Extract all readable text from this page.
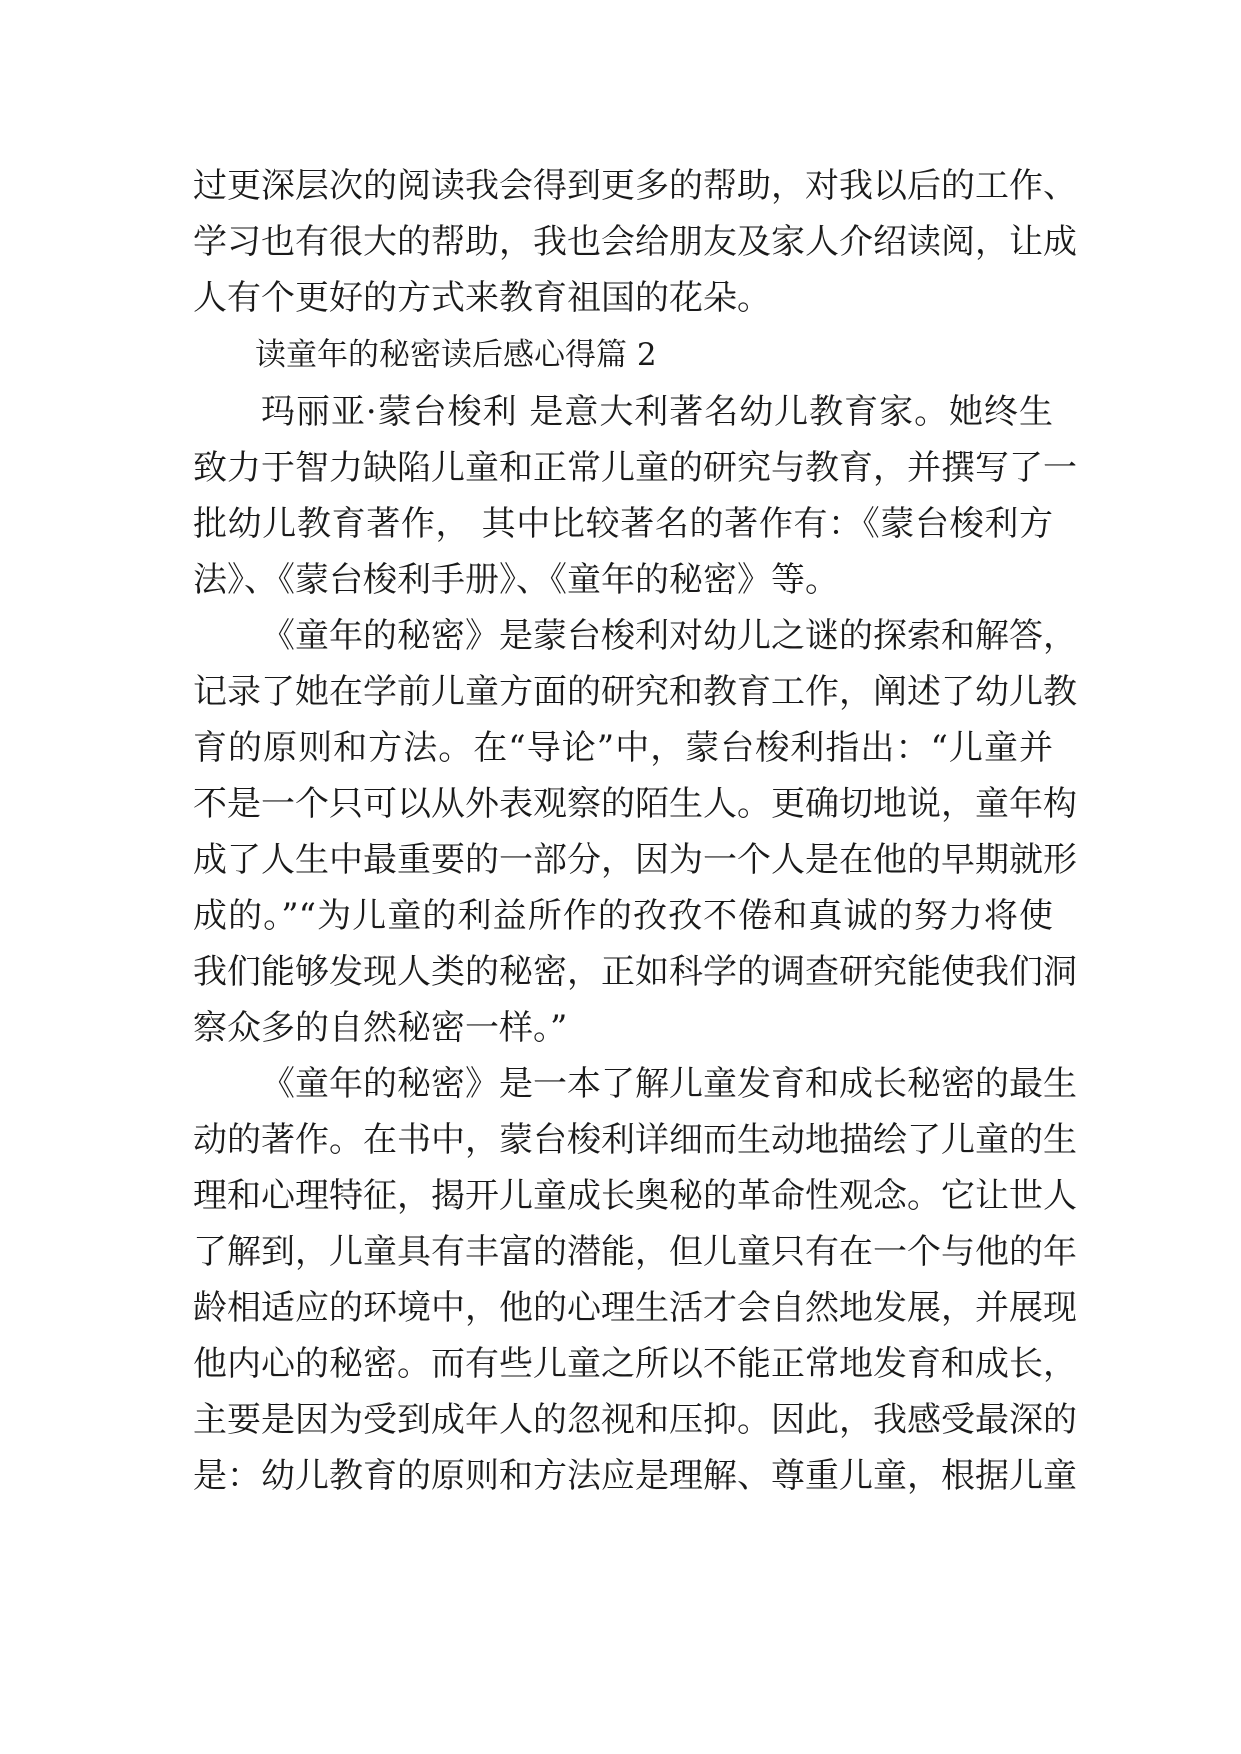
过更深层次的阅读我会得到更多的帮助，对我以后的工作、
学习也有很大的帮助，我也会给朋友及家人介绍读阅，让成
人有个更好的方式来教育祖国的花朵。
读童年的秘密读后感心得篇 2
玛丽亚·蒙台梭利 是意大利著名幼儿教育家。她终生
致力于智力缺陷儿童和正常儿童的研究与教育，并撰写了一
批幼儿教育著作， 其中比较著名的著作有：《蒙台梭利方
法》、《蒙台梭利手册》、《童年的秘密》等。
《童年的秘密》是蒙台梭利对幼儿之谜的探索和解答，
记录了她在学前儿童方面的研究和教育工作，阐述了幼儿教
育的原则和方法。在“导论”中，蒙台梭利指出：“儿童并
不是一个只可以从外表观察的陌生人。更确切地说，童年构
成了人生中最重要的一部分，因为一个人是在他的早期就形
成的。”“为儿童的利益所作的孜孜不倦和真诚的努力将使
我们能够发现人类的秘密，正如科学的调查研究能使我们洞
察众多的自然秘密一样。”
《童年的秘密》是一本了解儿童发育和成长秘密的最生
动的著作。在书中，蒙台梭利详细而生动地描绘了儿童的生
理和心理特征，揭开儿童成长奥秘的革命性观念。它让世人
了解到，儿童具有丰富的潜能，但儿童只有在一个与他的年
龄相适应的环境中，他的心理生活才会自然地发展，并展现
他内心的秘密。而有些儿童之所以不能正常地发育和成长，
主要是因为受到成年人的忽视和压抑。因此，我感受最深的
是：幼儿教育的原则和方法应是理解、尊重儿童，根据儿童
